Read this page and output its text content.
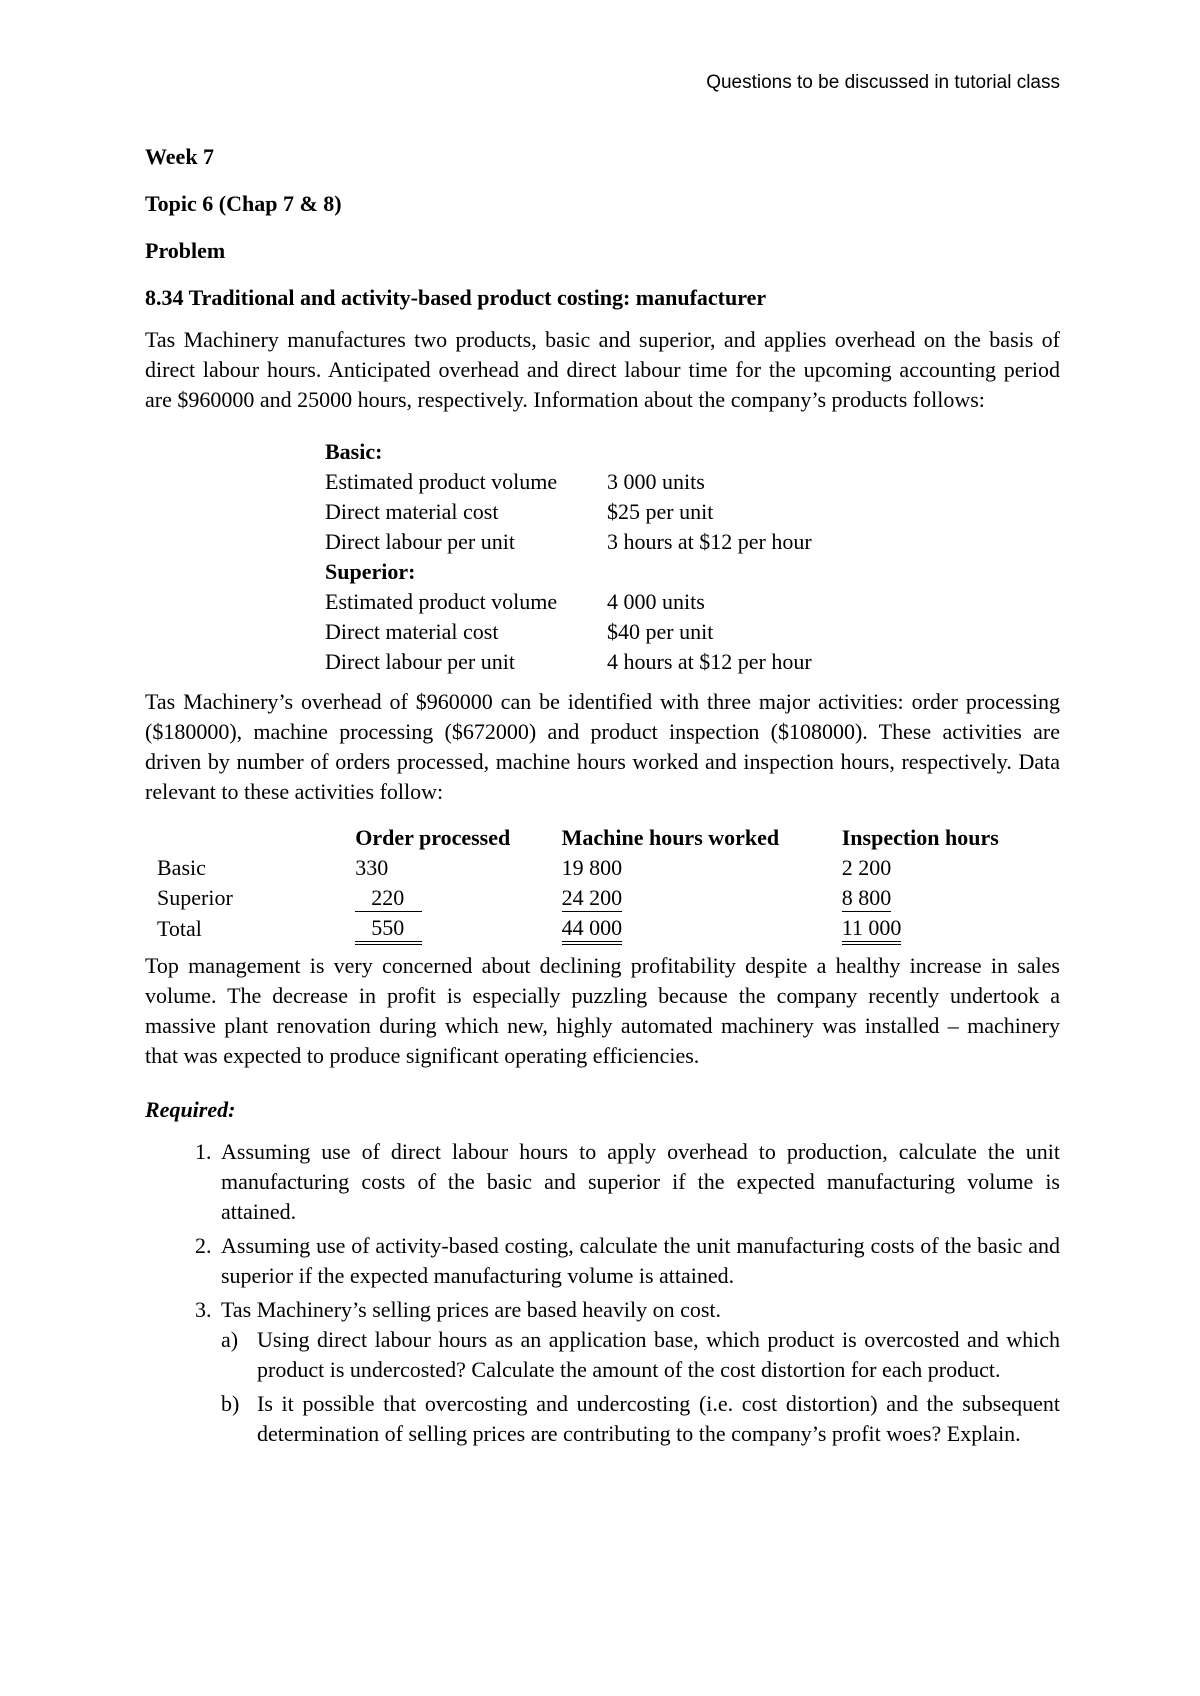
Questions to be discussed in tutorial class

Week 7

Topic 6 (Chap 7 & 8)

Problem

8.34 Traditional and activity-based product costing: manufacturer

Tas Machinery manufactures two products, basic and superior, and applies overhead on the basis of direct labour hours. Anticipated overhead and direct labour time for the upcoming accounting period are $960000 and 25000 hours, respectively. Information about the company’s products follows:

Basic:	
Estimated product volume	3 000 units
Direct material cost	$25 per unit
Direct labour per unit	3 hours at $12 per hour
Superior:	
Estimated product volume	4 000 units
Direct material cost	$40 per unit
Direct labour per unit	4 hours at $12 per hour

Tas Machinery’s overhead of $960000 can be identified with three major activities: order processing ($180000), machine processing ($672000) and product inspection ($108000). These activities are driven by number of orders processed, machine hours worked and inspection hours, respectively. Data relevant to these activities follow:

	Order processed	Machine hours worked	Inspection hours
Basic	330	19 800	2 200
Superior	220	24 200	8 800
Total	550	44 000	11 000

Top management is very concerned about declining profitability despite a healthy increase in sales volume. The decrease in profit is especially puzzling because the company recently undertook a massive plant renovation during which new, highly automated machinery was installed – machinery that was expected to produce significant operating efficiencies.

Required:

1. Assuming use of direct labour hours to apply overhead to production, calculate the unit manufacturing costs of the basic and superior if the expected manufacturing volume is attained.
2. Assuming use of activity-based costing, calculate the unit manufacturing costs of the basic and superior if the expected manufacturing volume is attained.
3. Tas Machinery’s selling prices are based heavily on cost.
a) Using direct labour hours as an application base, which product is overcosted and which product is undercosted? Calculate the amount of the cost distortion for each product.
b) Is it possible that overcosting and undercosting (i.e. cost distortion) and the subsequent determination of selling prices are contributing to the company’s profit woes? Explain.
